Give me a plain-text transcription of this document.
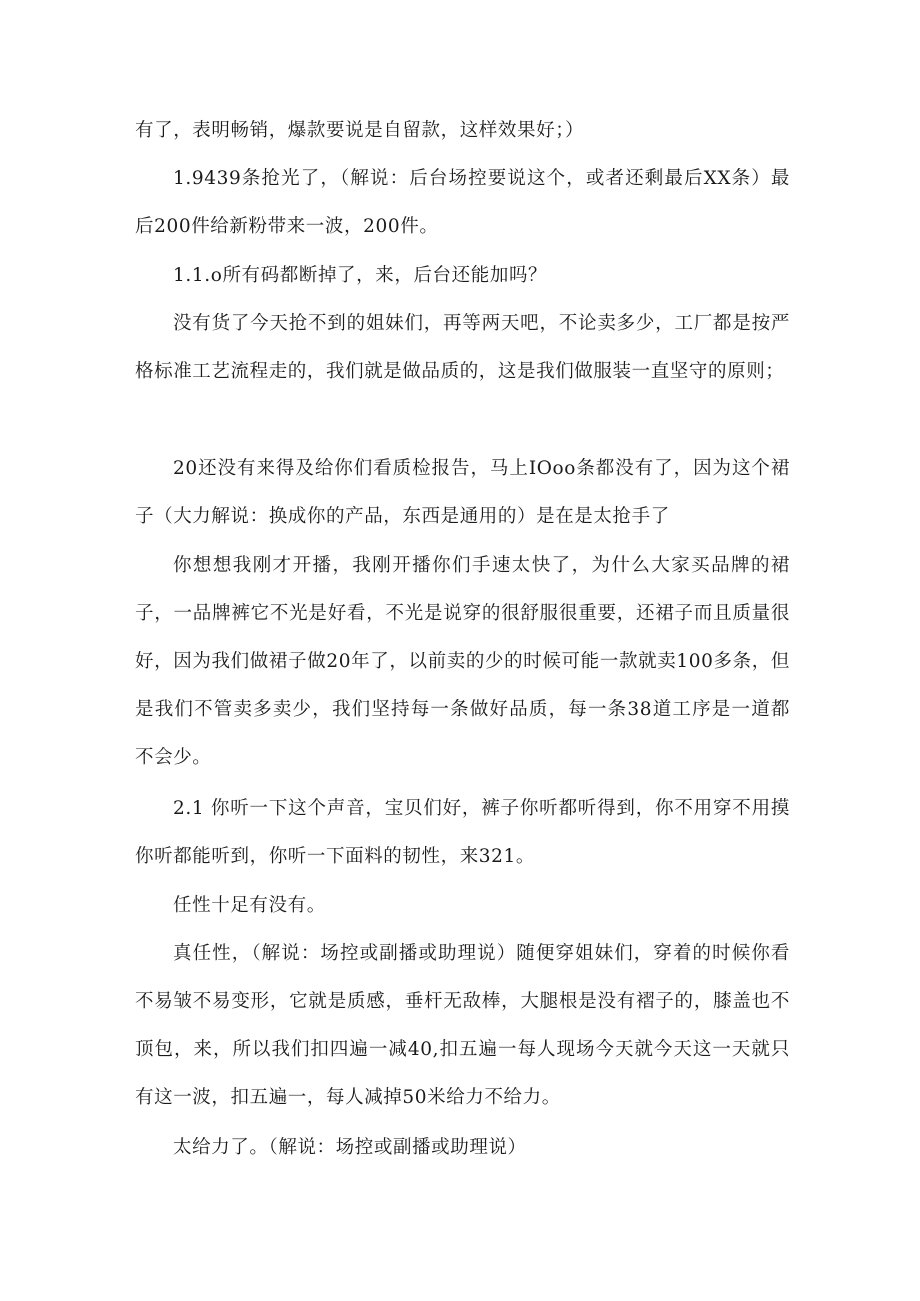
有了，表明畅销，爆款要说是自留款，这样效果好；）

1.9439条抢光了，（解说：后台场控要说这个，或者还剩最后XX条）最后200件给新粉带来一波，200件。

1.1.o所有码都断掉了，来，后台还能加吗？

没有货了今天抢不到的姐妹们，再等两天吧，不论卖多少，工厂都是按严格标准工艺流程走的，我们就是做品质的，这是我们做服装一直坚守的原则；

20还没有来得及给你们看质检报告，马上IOoo条都没有了，因为这个裙子（大力解说：换成你的产品，东西是通用的）是在是太抢手了

你想想我刚才开播，我刚开播你们手速太快了，为什么大家买品牌的裙子，一品牌裤它不光是好看，不光是说穿的很舒服很重要，还裙子而且质量很好，因为我们做裙子做20年了，以前卖的少的时候可能一款就卖100多条，但是我们不管卖多卖少，我们坚持每一条做好品质，每一条38道工序是一道都不会少。

2.1 你听一下这个声音，宝贝们好，裤子你听都听得到，你不用穿不用摸你听都能听到，你听一下面料的韧性，来321。

任性十足有没有。

真任性，（解说：场控或副播或助理说）随便穿姐妹们，穿着的时候你看不易皱不易变形，它就是质感，垂杆无敌棒，大腿根是没有褶子的，膝盖也不顶包，来，所以我们扣四遍一减40,扣五遍一每人现场今天就今天这一天就只有这一波，扣五遍一，每人减掉50米给力不给力。

太给力了。（解说：场控或副播或助理说）
